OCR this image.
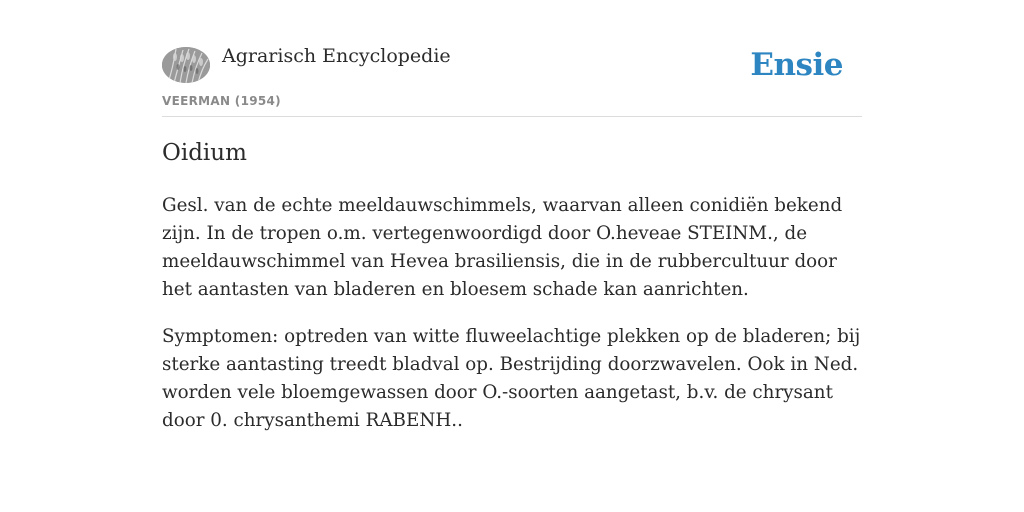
Agrarisch Encyclopedie	Ensie
VEERMAN (1954)
Oidium

Gesl. van de echte meeldauwschimmels, waarvan alleen conidiën bekend zijn. In de tropen o.m. vertegenwoordigd door O.heveae STEINM., de meeldauwschimmel van Hevea brasiliensis, die in de rubbercultuur door het aantasten van bladeren en bloesem schade kan aanrichten.

Symptomen: optreden van witte fluweelachtige plekken op de bladeren; bij sterke aantasting treedt bladval op. Bestrijding doorzwavelen. Ook in Ned. worden vele bloemgewassen door O.-soorten aangetast, b.v. de chrysant door 0. chrysanthemi RABENH..
